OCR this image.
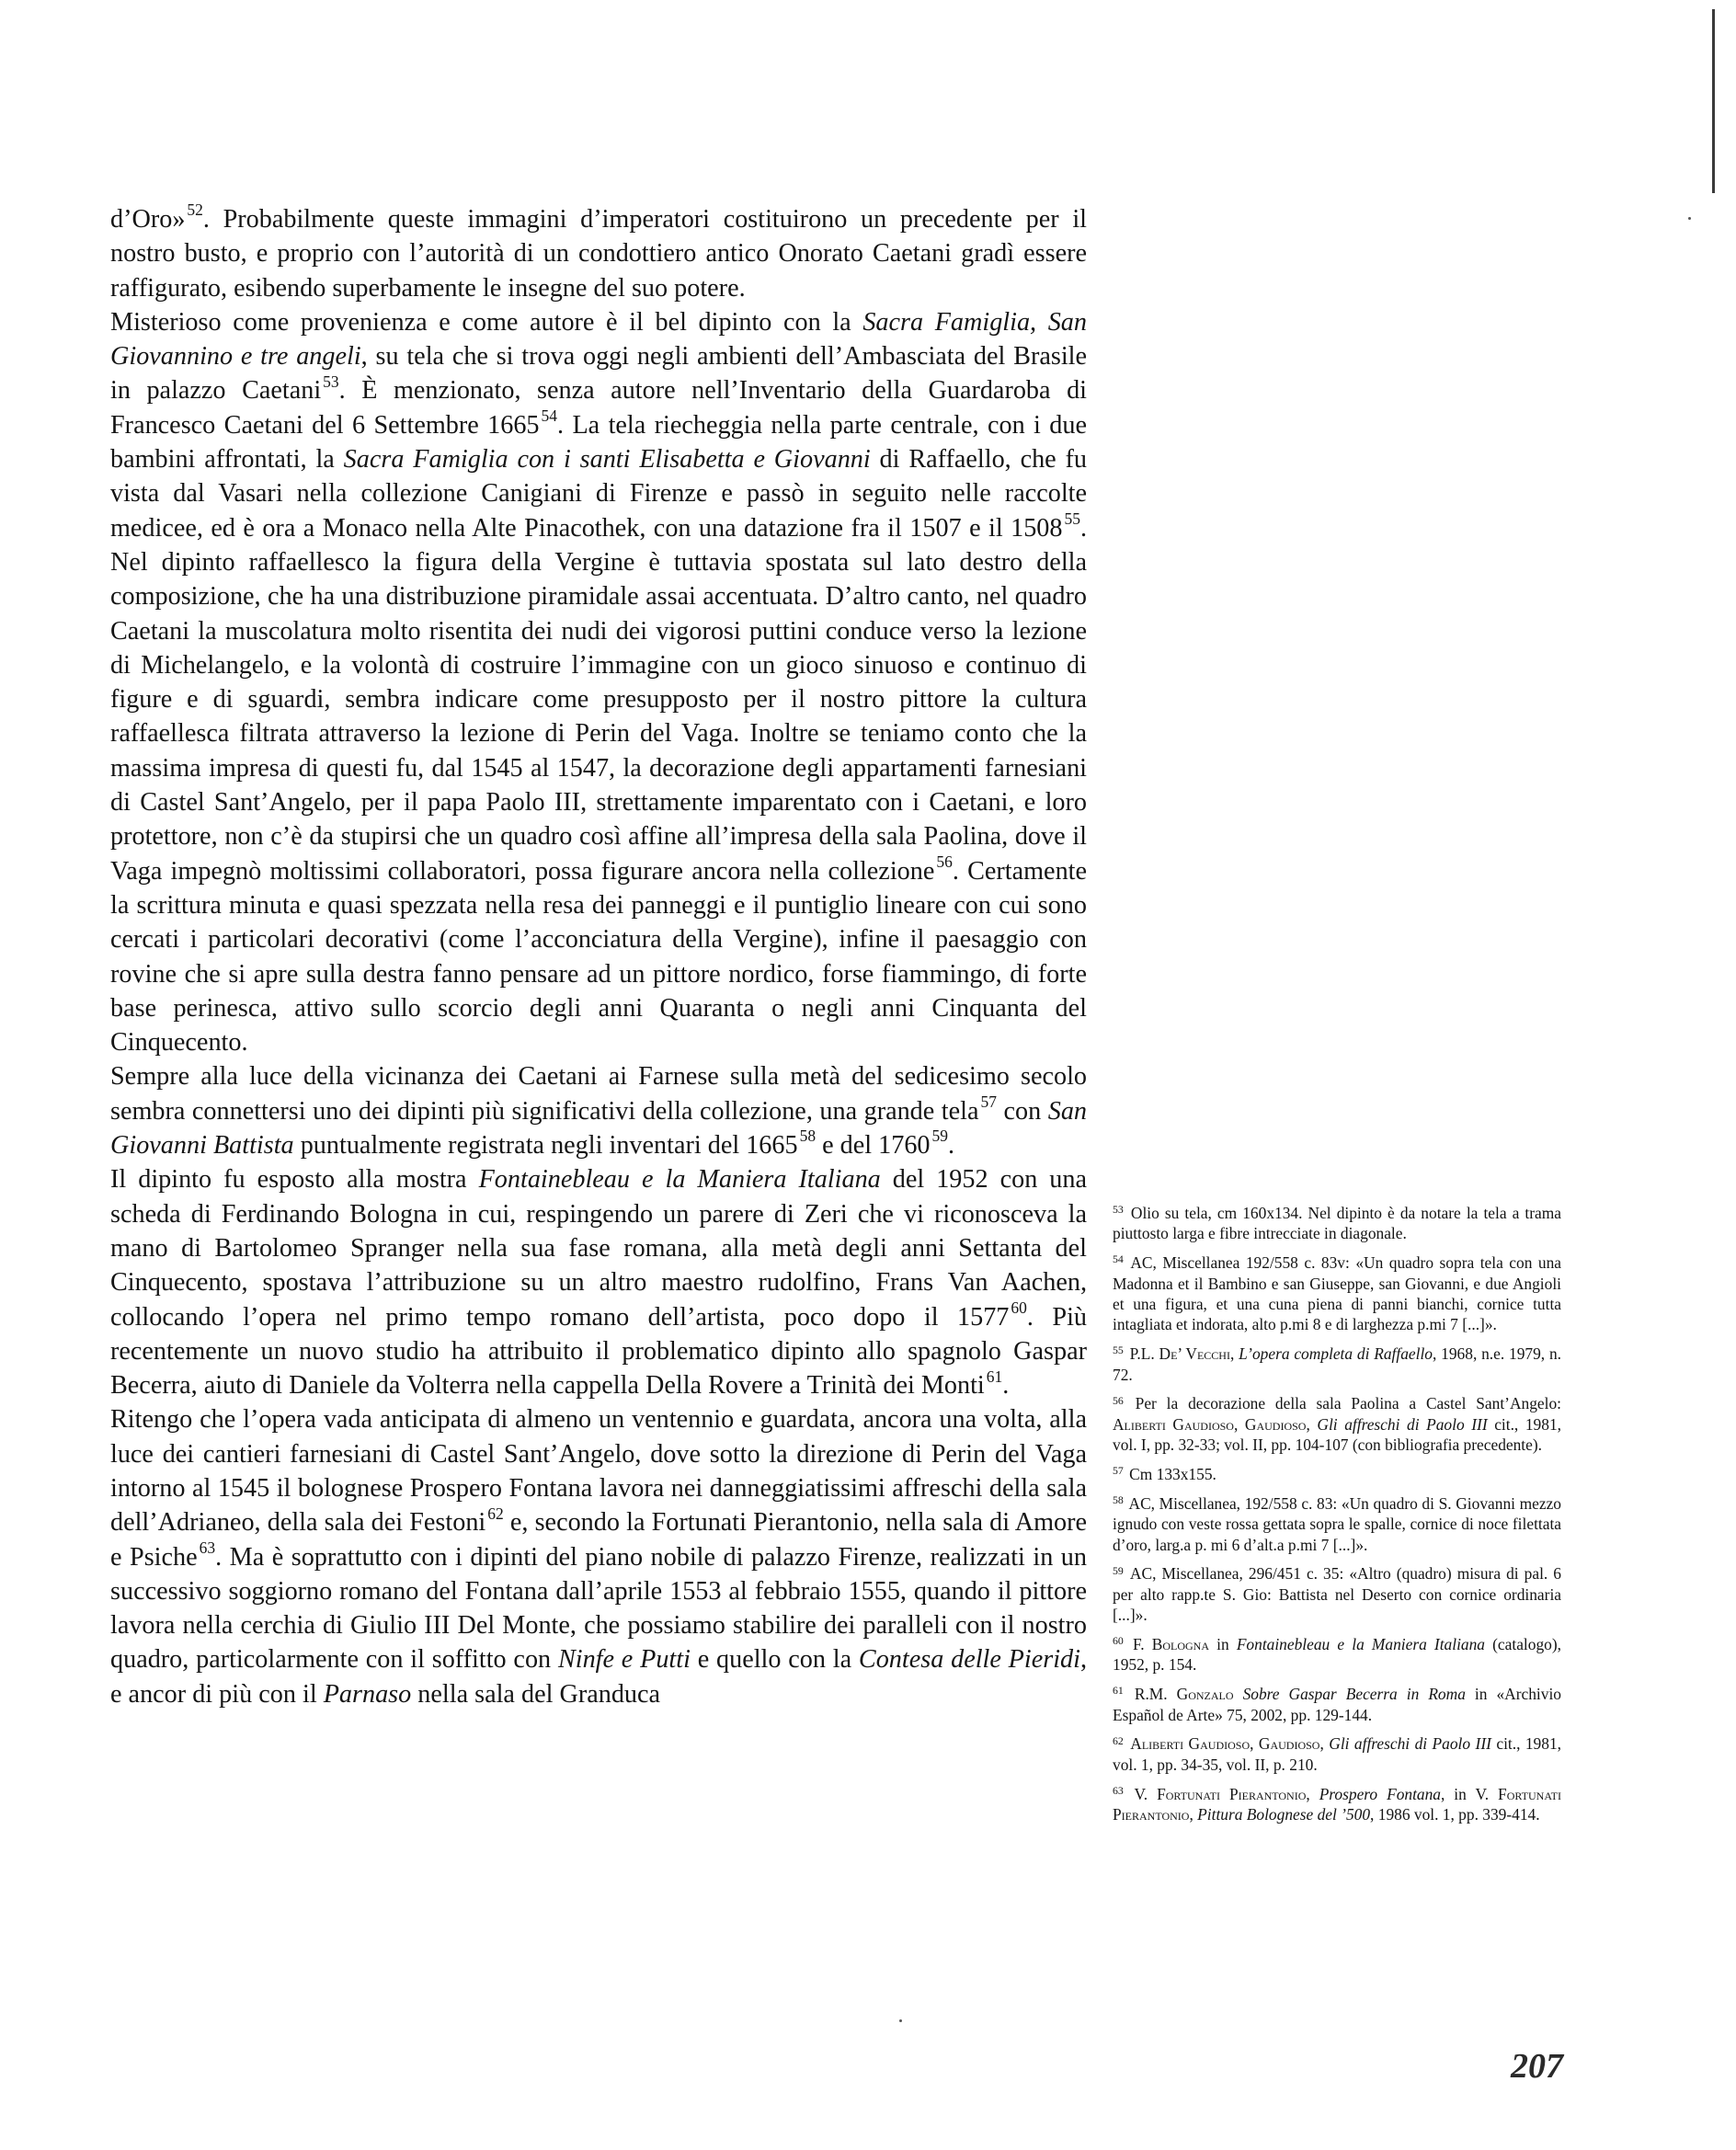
d’Oro» $^{52}$. Probabilmente queste immagini d’imperatori costituirono un precedente per il nostro busto, e proprio con l’autorità di un condottiero antico Onorato Caetani gradì essere raffigurato, esibendo superbamente le insegne del suo potere.

Misterioso come provenienza e come autore è il bel dipinto con la Sacra Famiglia, San Giovannino e tre angeli, su tela che si trova oggi negli ambienti dell’Ambasciata del Brasile in palazzo Caetani $^{53}$. È menzionato, senza autore nell’Inventario della Guardaroba di Francesco Caetani del 6 Settembre 1665 $^{54}$. La tela riecheggia nella parte centrale, con i due bambini affrontati, la Sacra Famiglia con i santi Elisabetta e Giovanni di Raffaello, che fu vista dal Vasari nella collezione Canigiani di Firenze e passò in seguito nelle raccolte medicee, ed è ora a Monaco nella Alte Pinacothek, con una datazione fra il 1507 e il 1508 $^{55}$. Nel dipinto raffaellesco la figura della Vergine è tuttavia spostata sul lato destro della composizione, che ha una distribuzione piramidale assai accentuata. D’altro canto, nel quadro Caetani la muscolatura molto risentita dei nudi dei vigorosi puttini conduce verso la lezione di Michelangelo, e la volontà di costruire l’immagine con un gioco sinuoso e continuo di figure e di sguardi, sembra indicare come presupposto per il nostro pittore la cultura raffaellesca filtrata attraverso la lezione di Perin del Vaga. Inoltre se teniamo conto che la massima impresa di questi fu, dal 1545 al 1547, la decorazione degli appartamenti farnesiani di Castel Sant’Angelo, per il papa Paolo III, strettamente imparentato con i Caetani, e loro protettore, non c’è da stupirsi che un quadro così affine all’impresa della sala Paolina, dove il Vaga impegnò moltissimi collaboratori, possa figurare ancora nella collezione $^{56}$. Certamente la scrittura minuta e quasi spezzata nella resa dei panneggi e il puntiglio lineare con cui sono cercati i particolari decorativi (come l’acconciatura della Vergine), infine il paesaggio con rovine che si apre sulla destra fanno pensare ad un pittore nordico, forse fiammingo, di forte base perinesca, attivo sullo scorcio degli anni Quaranta o negli anni Cinquanta del Cinquecento.

Sempre alla luce della vicinanza dei Caetani ai Farnese sulla metà del sedicesimo secolo sembra connettersi uno dei dipinti più significativi della collezione, una grande tela $^{57}$ con San Giovanni Battista puntualmente registrata negli inventari del 1665 $^{58}$ e del 1760 $^{59}$.

Il dipinto fu esposto alla mostra Fontainebleau e la Maniera Italiana del 1952 con una scheda di Ferdinando Bologna in cui, respingendo un parere di Zeri che vi riconosceva la mano di Bartolomeo Spranger nella sua fase romana, alla metà degli anni Settanta del Cinquecento, spostava l’attribuzione su un altro maestro rudolfino, Frans Van Aachen, collocando l’opera nel primo tempo romano dell’artista, poco dopo il 1577 $^{60}$. Più recentemente un nuovo studio ha attribuito il problematico dipinto allo spagnolo Gaspar Becerra, aiuto di Daniele da Volterra nella cappella Della Rovere a Trinità dei Monti $^{61}$.

Ritengo che l’opera vada anticipata di almeno un ventennio e guardata, ancora una volta, alla luce dei cantieri farnesiani di Castel Sant’Angelo, dove sotto la direzione di Perin del Vaga intorno al 1545 il bolognese Prospero Fontana lavora nei danneggiatissimi affreschi della sala dell’Adrianeo, della sala dei Festoni $^{62}$ e, secondo la Fortunati Pierantonio, nella sala di Amore e Psiche $^{63}$. Ma è soprattutto con i dipinti del piano nobile di palazzo Firenze, realizzati in un successivo soggiorno romano del Fontana dall’aprile 1553 al febbraio 1555, quando il pittore lavora nella cerchia di Giulio III Del Monte, che possiamo stabilire dei paralleli con il nostro quadro, particolarmente con il soffitto con Ninfe e Putti e quello con la Contesa delle Pieridi, e ancor di più con il Parnaso nella sala del Granduca

$^{53}$ Olio su tela, cm 160x134. Nel dipinto è da notare la tela a trama piuttosto larga e fibre intrecciate in diagonale.

$^{54}$ AC, Miscellanea 192/558 c. 83v: «Un quadro sopra tela con una Madonna et il Bambino e san Giuseppe, san Giovanni, e due Angioli et una figura, et una cuna piena di panni bianchi, cornice tutta intagliata et indorata, alto p.mi 8 e di larghezza p.mi 7 [...]».

$^{55}$ P.L. De’ Vecchi, L’opera completa di Raffaello, 1968, n.e. 1979, n. 72.

$^{56}$ Per la decorazione della sala Paolina a Castel Sant’Angelo: Aliberti Gaudioso, Gaudioso, Gli affreschi di Paolo III cit., 1981, vol. I, pp. 32-33; vol. II, pp. 104-107 (con bibliografia precedente).

$^{57}$ Cm 133x155.

$^{58}$ AC, Miscellanea, 192/558 c. 83: «Un quadro di S. Giovanni mezzo ignudo con veste rossa gettata sopra le spalle, cornice di noce filettata d’oro, larg.a p. mi 6 d’alt.a p.mi 7 [...]».

$^{59}$ AC, Miscellanea, 296/451 c. 35: «Altro (quadro) misura di pal. 6 per alto rapp.te S. Gio: Battista nel Deserto con cornice ordinaria [...]».

$^{60}$ F. Bologna in Fontainebleau e la Maniera Italiana (catalogo), 1952, p. 154.

$^{61}$ R.M. Gonzalo Sobre Gaspar Becerra in Roma in «Archivio Español de Arte» 75, 2002, pp. 129-144.

$^{62}$ Aliberti Gaudioso, Gaudioso, Gli affreschi di Paolo III cit., 1981, vol. 1, pp. 34-35, vol. II, p. 210.

$^{63}$ V. Fortunati Pierantonio, Prospero Fontana, in V. Fortunati Pierantonio, Pittura Bolognese del ’500, 1986 vol. 1, pp. 339-414.

207
